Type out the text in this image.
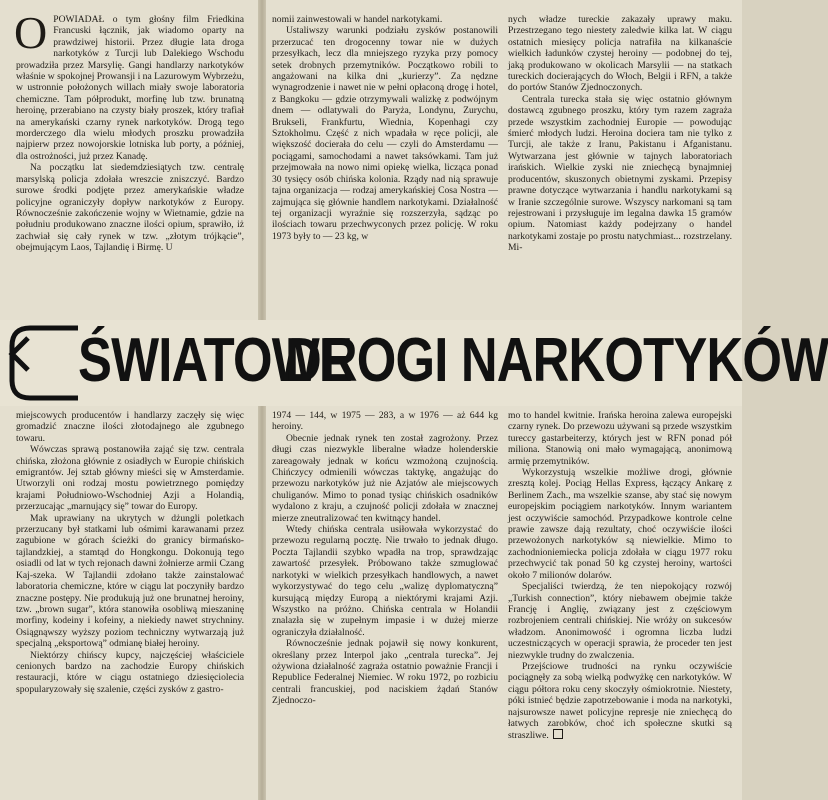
OPOWIADAŁ o tym głośny film Friedkina Francuski łącznik, jak wiadomo oparty na prawdziwej historii. Przez długie lata droga narkotyków z Turcji lub Dalekiego Wschodu prowadziła przez Marsylię. Gangi handlarzy narkotyków właśnie w spokojnej Prowansji i na Lazurowym Wybrzeżu, w ustronnie położonych willach miały swoje laboratoria chemiczne. Tam półprodukt, morfinę lub tzw. brunatną heroinę, przerabiano na czysty biały proszek, który trafiał na amerykański czarny rynek narkotyków. Drogą tego morderczego dla wielu młodych proszku prowadziła najpierw przez nowojorskie lotniska lub porty, a później, dla ostrożności, już przez Kanadę.

Na początku lat siedemdziesiątych tzw. centralę marsylską policja zdołała wreszcie zniszczyć. Bardzo surowe środki podjęte przez amerykańskie władze policyjne ograniczyły dopływ narkotyków z Europy. Równocześnie zakończenie wojny w Wietnamie, gdzie na południu produkowano znaczne ilości opium, sprawiło, iż zachwiał się cały rynek w tzw. „złotym trójkącie”, obejmującym Laos, Tajlandię i Birmę. U

nomii zainwestowali w handel narkotykami.

Ustaliwszy warunki podziału zysków postanowili przerzucać ten drogocenny towar nie w dużych przesyłkach, lecz dla mniejszego ryzyka przy pomocy setek drobnych przemytników. Początkowo robili to angażowani na kilka dni „kurierzy”. Za nędzne wynagrodzenie i nawet nie w pełni opłaconą drogę i hotel, z Bangkoku — gdzie otrzymywali walizkę z podwójnym dnem — odlatywali do Paryża, Londynu, Zurychu, Brukseli, Frankfurtu, Wiednia, Kopenhagi czy Sztokholmu. Część z nich wpadała w ręce policji, ale większość docierała do celu — czyli do Amsterdamu — pociągami, samochodami a nawet taksówkami. Tam już przejmowała na nowo nimi opiekę wielka, licząca ponad 30 tysięcy osób chińska kolonia. Rządy nad nią sprawuje tajna organizacja — rodzaj amerykańskiej Cosa Nostra — zajmująca się głównie handlem narkotykami. Działalność tej organizacji wyraźnie się rozszerzyła, sądząc po ilościach towaru przechwyconych przez policję. W roku 1973 były to — 23 kg, w

nych władze tureckie zakazały uprawy maku. Przestrzegano tego niestety zaledwie kilka lat. W ciągu ostatnich miesięcy policja natrafiła na kilkanaście wielkich ładunków czystej heroiny — podobnej do tej, jaką produkowano w okolicach Marsylii — na statkach tureckich docierających do Włoch, Belgii i RFN, a także do portów Stanów Zjednoczonych.

Centrala turecka stała się więc ostatnio głównym dostawcą zgubnego proszku, który tym razem zagraża przede wszystkim zachodniej Europie — powodując śmierć młodych ludzi. Heroina dociera tam nie tylko z Turcji, ale także z Iranu, Pakistanu i Afganistanu. Wytwarzana jest głównie w tajnych laboratoriach irańskich. Wielkie zyski nie zniechęcą bynajmniej producentów, skuszonych obietnymi zyskami. Przepisy prawne dotyczące wytwarzania i handlu narkotykami są w Iranie szczególnie surowe. Wszyscy narkomani są tam rejestrowani i przysługuje im legalna dawka 15 gramów opium. Natomiast każdy podejrzany o handel narkotykami zostaje po prostu natychmiast... rozstrzelany. Mi-

ŚWIATOWE
DROGI NARKOTYKÓW

miejscowych producentów i handlarzy zaczęły się więc gromadzić znaczne ilości złotodajnego ale zgubnego towaru.

Wówczas sprawą postanowiła zająć się tzw. centrala chińska, złożona głównie z osiadłych w Europie chińskich emigrantów. Jej sztab główny mieści się w Amsterdamie. Utworzyli oni rodzaj mostu powietrznego pomiędzy krajami Południowo-Wschodniej Azji a Holandią, przerzucając „marnujący się” towar do Europy.

Mak uprawiany na ukrytych w dżungli poletkach przerzucany był statkami lub ośmimi karawanami przez zagubione w górach ścieżki do granicy birmańsko-tajlandzkiej, a stamtąd do Hongkongu. Dokonują tego osiadli od lat w tych rejonach dawni żołnierze armii Czang Kaj-szeka. W Tajlandii zdołano także zainstalować laboratoria chemiczne, które w ciągu lat poczyniły bardzo znaczne postępy. Nie produkują już one brunatnej heroiny, tzw. „brown sugar”, która stanowiła osobliwą mieszaninę morfiny, kodeiny i kofeiny, a niekiedy nawet strychniny. Osiągnąwszy wyższy poziom techniczny wytwarzają już specjalną „eksportową” odmianę białej heroiny.

Niektórzy chińscy kupcy, najczęściej właściciele cenionych bardzo na zachodzie Europy chińskich restauracji, które w ciągu ostatniego dziesięciolecia spopularyzowały się szalenie, części zysków z gastro-

1974 — 144, w 1975 — 283, a w 1976 — aż 644 kg heroiny.

Obecnie jednak rynek ten został zagrożony. Przez długi czas niezwykle liberalne władze holenderskie zareagowały jednak w końcu wzmożoną czujnością. Chińczycy odmienili wówczas taktykę, angażując do przewozu narkotyków już nie Azjatów ale miejscowych chuliganów. Mimo to ponad tysiąc chińskich osadników wydalono z kraju, a czujność policji zdołała w znacznej mierze zneutralizować ten kwitnący handel.

Wtedy chińska centrala usiłowała wykorzystać do przewozu regularną pocztę. Nie trwało to jednak długo. Poczta Tajlandii szybko wpadła na trop, sprawdzając zawartość przesyłek. Próbowano także szmuglować narkotyki w wielkich przesyłkach handlowych, a nawet wykorzystywać do tego celu „walizę dyplomatyczną” kursującą między Europą a niektórymi krajami Azji. Wszystko na próżno. Chińska centrala w Holandii znalazła się w zupełnym impasie i w dużej mierze ograniczyła działalność.

Równocześnie jednak pojawił się nowy konkurent, określany przez Interpol jako „centrala turecka”. Jej ożywiona działalność zagraża ostatnio poważnie Francji i Republice Federalnej Niemiec. W roku 1972, po rozbiciu centrali francuskiej, pod naciskiem żądań Stanów Zjednoczo-

mo to handel kwitnie. Irańska heroina zalewa europejski czarny rynek. Do przewozu używani są przede wszystkim tureccy gastarbeiterzy, których jest w RFN ponad pół miliona. Stanowią oni mało wymagającą, anonimową armię przemytników.

Wykorzystują wszelkie możliwe drogi, głównie zresztą kolej. Pociąg Hellas Express, łączący Ankarę z Berlinem Zach., ma wszelkie szanse, aby stać się nowym europejskim pociągiem narkotyków. Innym wariantem jest oczywiście samochód. Przypadkowe kontrole celne prawie zawsze dają rezultaty, choć oczywiście ilości przewożonych narkotyków są niewielkie. Mimo to zachodnioniemiecka policja zdołała w ciągu 1977 roku przechwycić tak ponad 50 kg czystej heroiny, wartości około 7 milionów dolarów.

Specjaliści twierdzą, że ten niepokojący rozwój „Turkish connection”, który niebawem obejmie także Francję i Anglię, związany jest z częściowym rozbrojeniem centrali chińskiej. Nie wróży on sukcesów władzom. Anonimowość i ogromna liczba ludzi uczestniczących w operacji sprawia, że proceder ten jest niezwykle trudny do zwalczenia.

Przejściowe trudności na rynku oczywiście pociągnęły za sobą wielką podwyżkę cen narkotyków. W ciągu półtora roku ceny skoczyły ośmiokrotnie. Niestety, póki istnieć będzie zapotrzebowanie i moda na narkotyki, najsurowsze nawet policyjne represje nie zniechęcą do łatwych zarobków, choć ich społeczne skutki są straszliwe.
